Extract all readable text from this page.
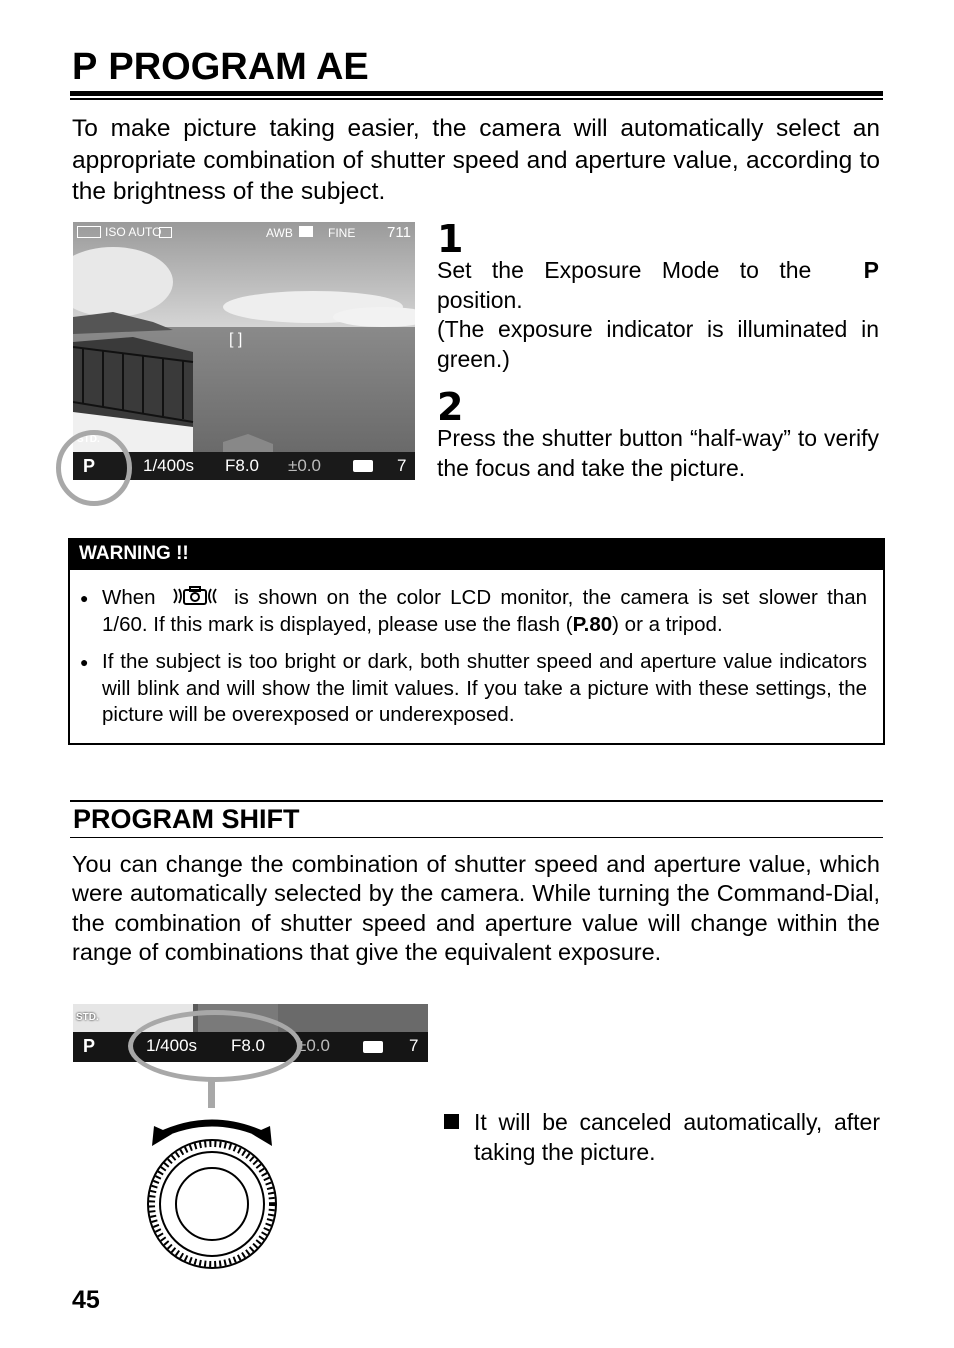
P PROGRAM AE
To make picture taking easier, the camera will automatically select an appropriate combination of shutter speed and aperture value, according to the brightness of the subject.
[ ]
ISO AUTO	AWB	FINE 711
STD.
P	1/400s F8.0 ±0.0	7
1
Set the Exposure Mode to the P
position.
(The exposure indicator is illuminated in green.)
2
Press the shutter button “half-way” to verify the focus and take the picture.
WARNING !!
● When	is shown on the color LCD monitor, the camera is set slower than 1/60. If this mark is displayed, please use the flash (P.80) or a tripod.
● If the subject is too bright or dark, both shutter speed and aperture value indicators will blink and will show the limit values. If you take a picture with these settings, the picture will be overexposed or underexposed.
PROGRAM SHIFT
You can change the combination of shutter speed and aperture value, which were automatically selected by the camera. While turning the Command-Dial, the combination of shutter speed and aperture value will change within the range of combinations that give the equivalent exposure.
STD.
P	1/400s F8.0 ±0.0	7
It will be canceled automatically, after taking the picture.
45
